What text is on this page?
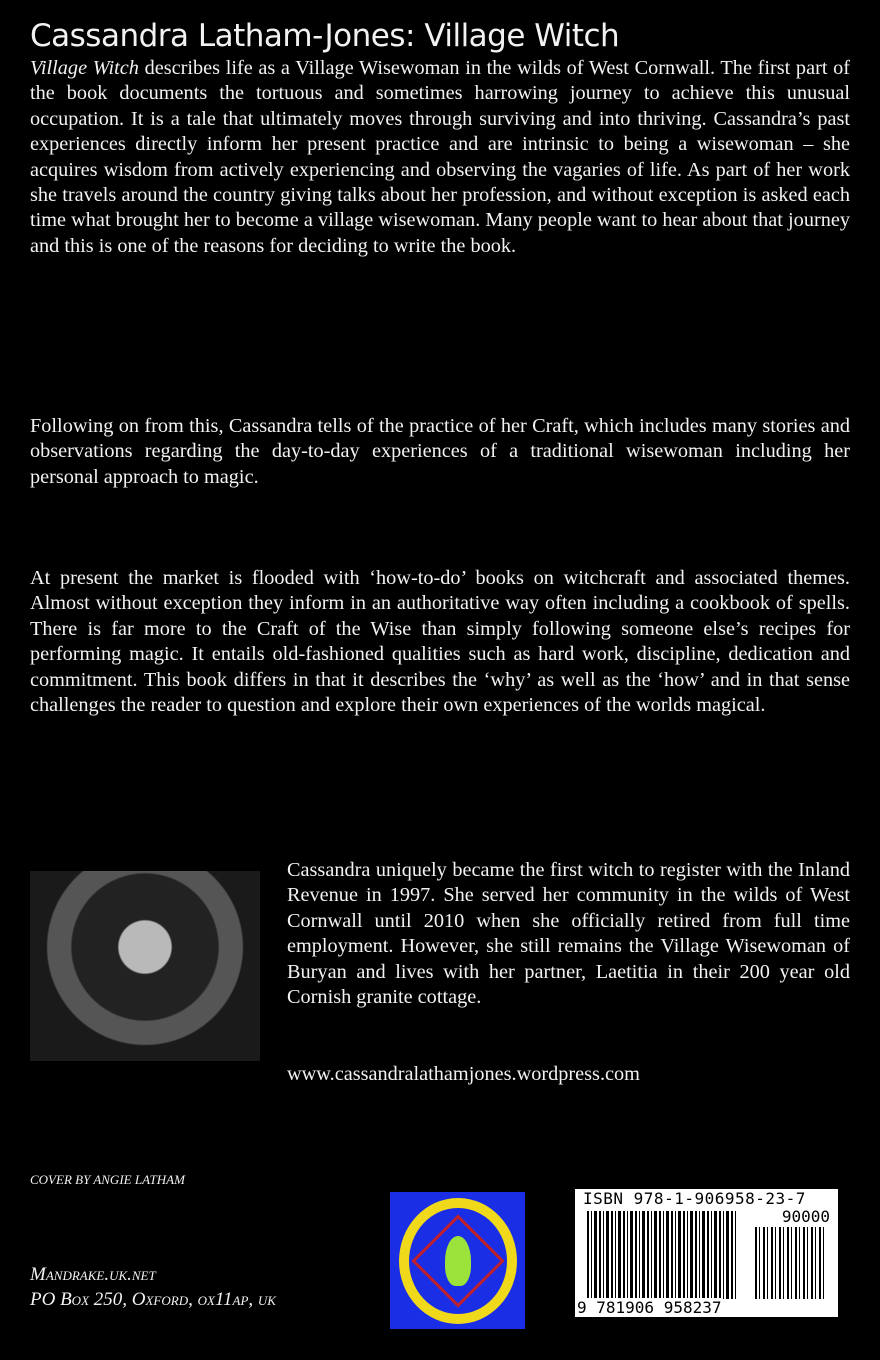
Cassandra Latham-Jones: Village Witch

Village Witch describes life as a Village Wisewoman in the wilds of West Cornwall. The first part of the book documents the tortuous and sometimes harrowing journey to achieve this unusual occupation. It is a tale that ultimately moves through surviving and into thriving. Cassandra’s past experiences directly inform her present practice and are intrinsic to being a wisewoman – she acquires wisdom from actively experiencing and observing the vagaries of life. As part of her work she travels around the country giving talks about her profession, and without exception is asked each time what brought her to become a village wisewoman. Many people want to hear about that journey and this is one of the reasons for deciding to write the book.

Following on from this, Cassandra tells of the practice of her Craft, which includes many stories and observations regarding the day-to-day experiences of a traditional wisewoman including her personal approach to magic.

At present the market is flooded with ‘how-to-do’ books on witchcraft and associated themes. Almost without exception they inform in an authoritative way often including a cookbook of spells. There is far more to the Craft of the Wise than simply following someone else’s recipes for performing magic. It entails old-fashioned qualities such as hard work, discipline, dedication and commitment. This book differs in that it describes the ‘why’ as well as the ‘how’ and in that sense challenges the reader to question and explore their own experiences of the worlds magical.

Cassandra uniquely became the first witch to register with the Inland Revenue in 1997. She served her community in the wilds of West Cornwall until 2010 when she officially retired from full time employment. However, she still remains the Village Wisewoman of Buryan and lives with her partner, Laetitia in their 200 year old Cornish granite cottage.

www.cassandralathamjones.wordpress.com
COVER BY ANGIE LATHAM
Mandrake.uk.net
PO Box 250, Oxford, ox11ap, uk
ISBN 978-1-906958-23-7
90000
9 781906 958237
